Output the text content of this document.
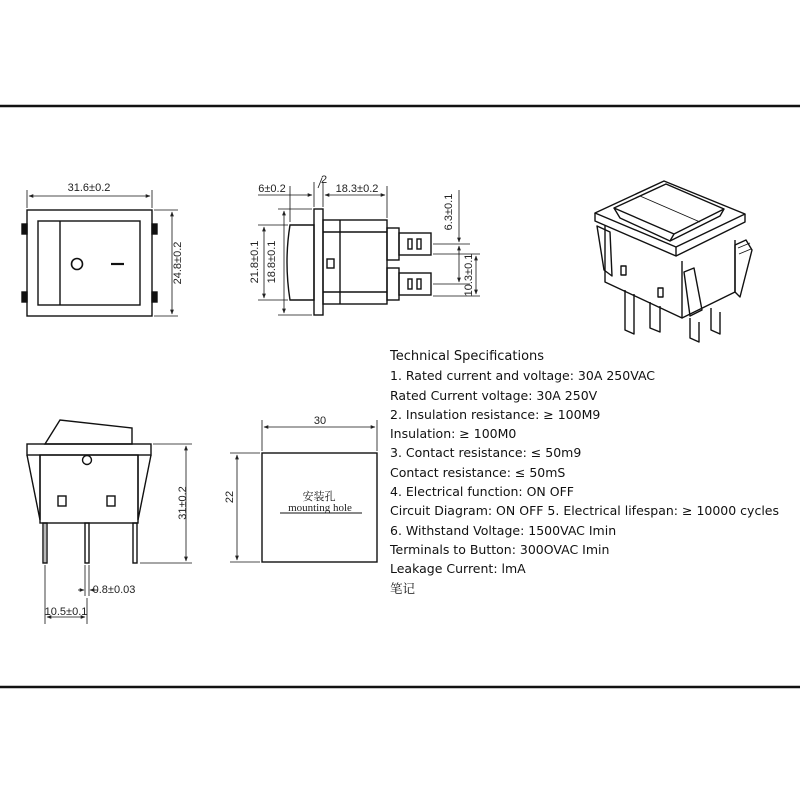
31.6±0.2
24.8±0.2
6±0.2
2
18.3±0.2
21.8±0.1 18.8±0.1
6.3±0.1
10.3±0.1
31±0.2
0.8±0.03
10.5±0.1
30
22	安装孔
mounting hole
Technical Specifications
1. Rated current and voltage: 30A 250VAC
Rated Current voltage: 30A 250V
2. Insulation resistance: ≥ 100M9
Insulation: ≥ 100M0
3. Contact resistance: ≤ 50m9
Contact resistance: ≤ 50mS
4. Electrical function: ON OFF
Circuit Diagram: ON OFF 5. Electrical lifespan: ≥ 10000 cycles
6. Withstand Voltage: 1500VAC Imin
Terminals to Button: 300OVAC Imin
Leakage Current: lmA
笔记
